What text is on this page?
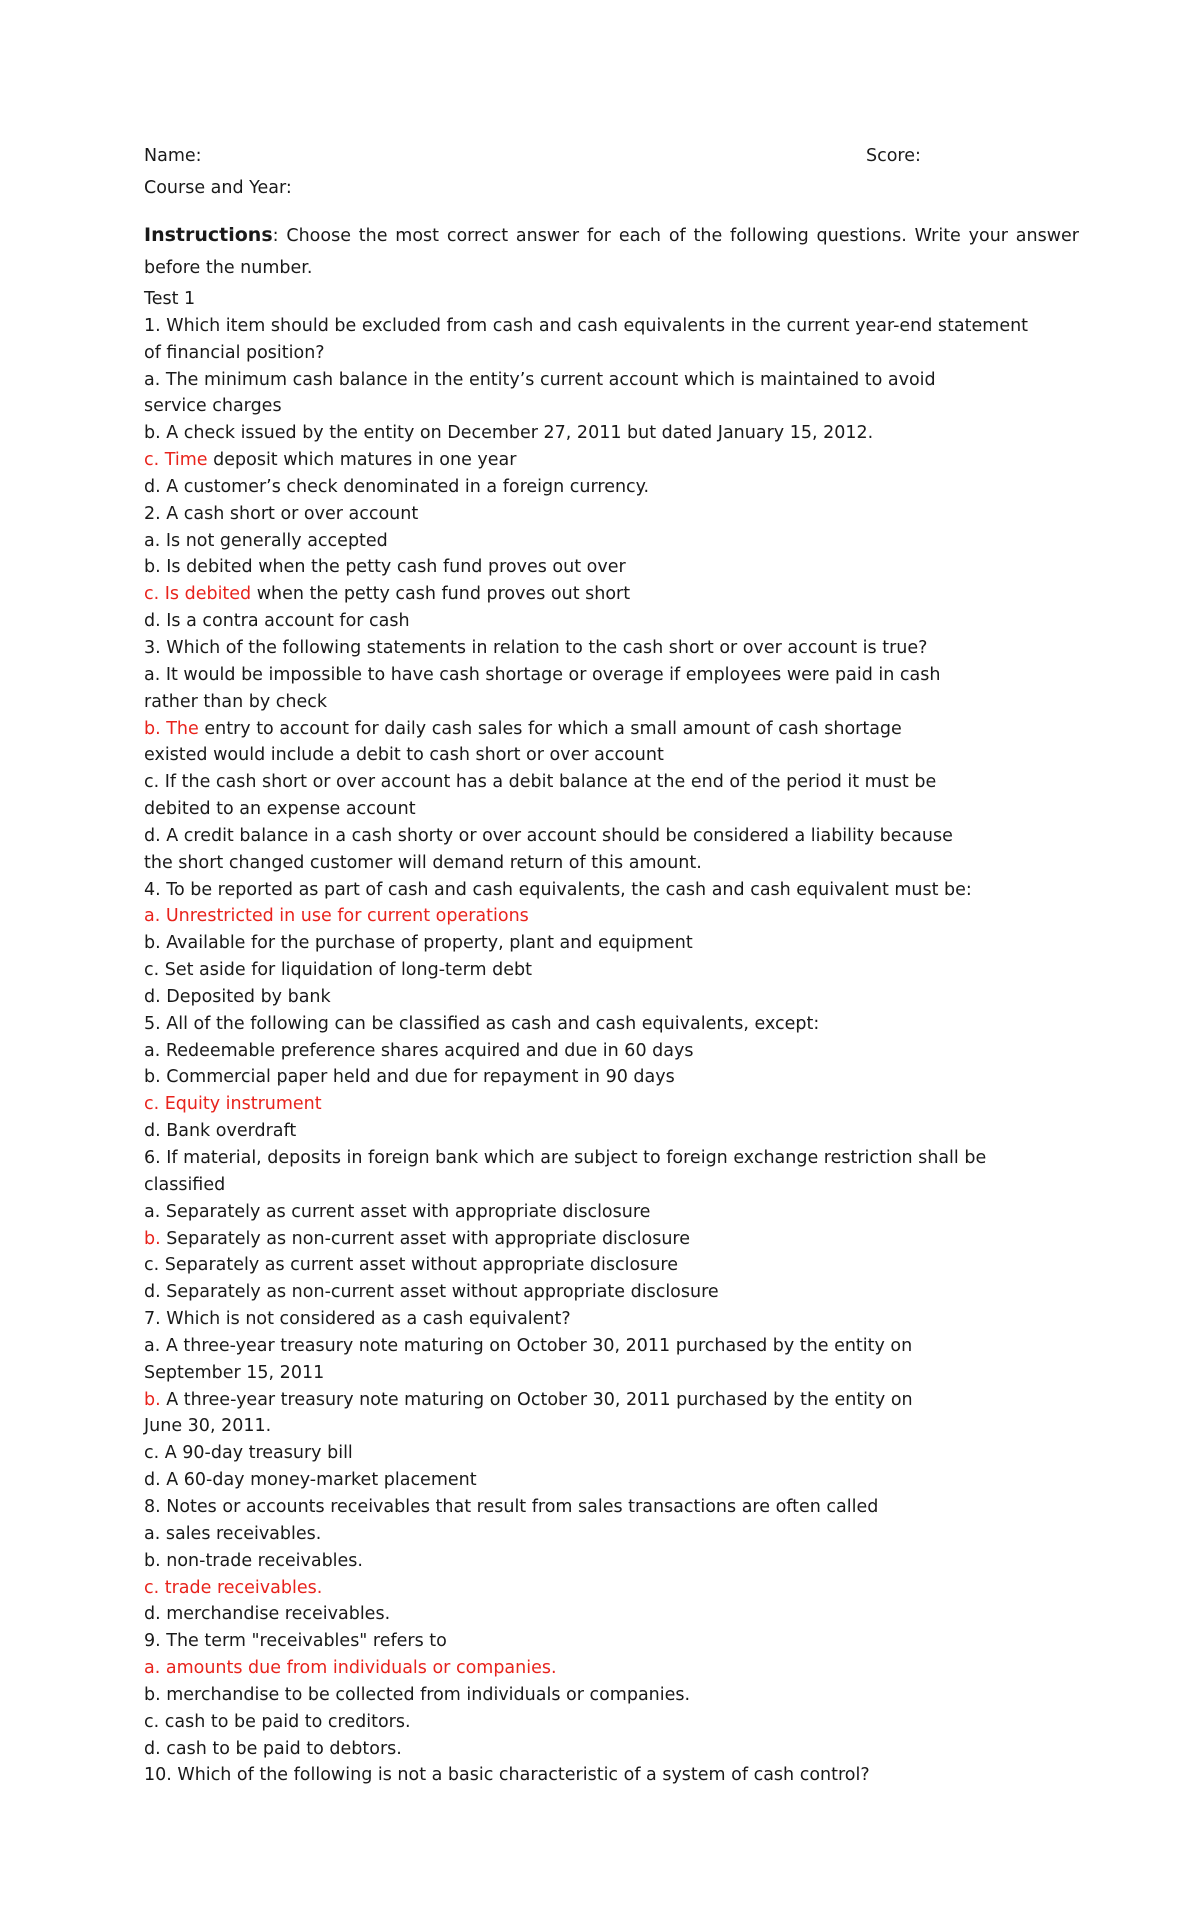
Name:	Score:
Course and Year:
Instructions: Choose the most correct answer for each of the following questions. Write your answer before the number.
Test 1
1. Which item should be excluded from cash and cash equivalents in the current year-end statement
of financial position?
a. The minimum cash balance in the entity’s current account which is maintained to avoid
service charges
b. A check issued by the entity on December 27, 2011 but dated January 15, 2012.
c. Time deposit which matures in one year
d. A customer’s check denominated in a foreign currency.
2. A cash short or over account
a. Is not generally accepted
b. Is debited when the petty cash fund proves out over
c. Is debited when the petty cash fund proves out short
d. Is a contra account for cash
3. Which of the following statements in relation to the cash short or over account is true?
a. It would be impossible to have cash shortage or overage if employees were paid in cash
rather than by check
b. The entry to account for daily cash sales for which a small amount of cash shortage
existed would include a debit to cash short or over account
c. If the cash short or over account has a debit balance at the end of the period it must be
debited to an expense account
d. A credit balance in a cash shorty or over account should be considered a liability because
the short changed customer will demand return of this amount.
4. To be reported as part of cash and cash equivalents, the cash and cash equivalent must be:
a. Unrestricted in use for current operations
b. Available for the purchase of property, plant and equipment
c. Set aside for liquidation of long-term debt
d. Deposited by bank
5. All of the following can be classified as cash and cash equivalents, except:
a. Redeemable preference shares acquired and due in 60 days
b. Commercial paper held and due for repayment in 90 days
c. Equity instrument
d. Bank overdraft
6. If material, deposits in foreign bank which are subject to foreign exchange restriction shall be
classified
a. Separately as current asset with appropriate disclosure
b. Separately as non-current asset with appropriate disclosure
c. Separately as current asset without appropriate disclosure
d. Separately as non-current asset without appropriate disclosure
7. Which is not considered as a cash equivalent?
a. A three-year treasury note maturing on October 30, 2011 purchased by the entity on
September 15, 2011
b. A three-year treasury note maturing on October 30, 2011 purchased by the entity on
June 30, 2011.
c. A 90-day treasury bill
d. A 60-day money-market placement
8. Notes or accounts receivables that result from sales transactions are often called
a. sales receivables.
b. non-trade receivables.
c. trade receivables.
d. merchandise receivables.
9. The term "receivables" refers to
a. amounts due from individuals or companies.
b. merchandise to be collected from individuals or companies.
c. cash to be paid to creditors.
d. cash to be paid to debtors.
10. Which of the following is not a basic characteristic of a system of cash control?
